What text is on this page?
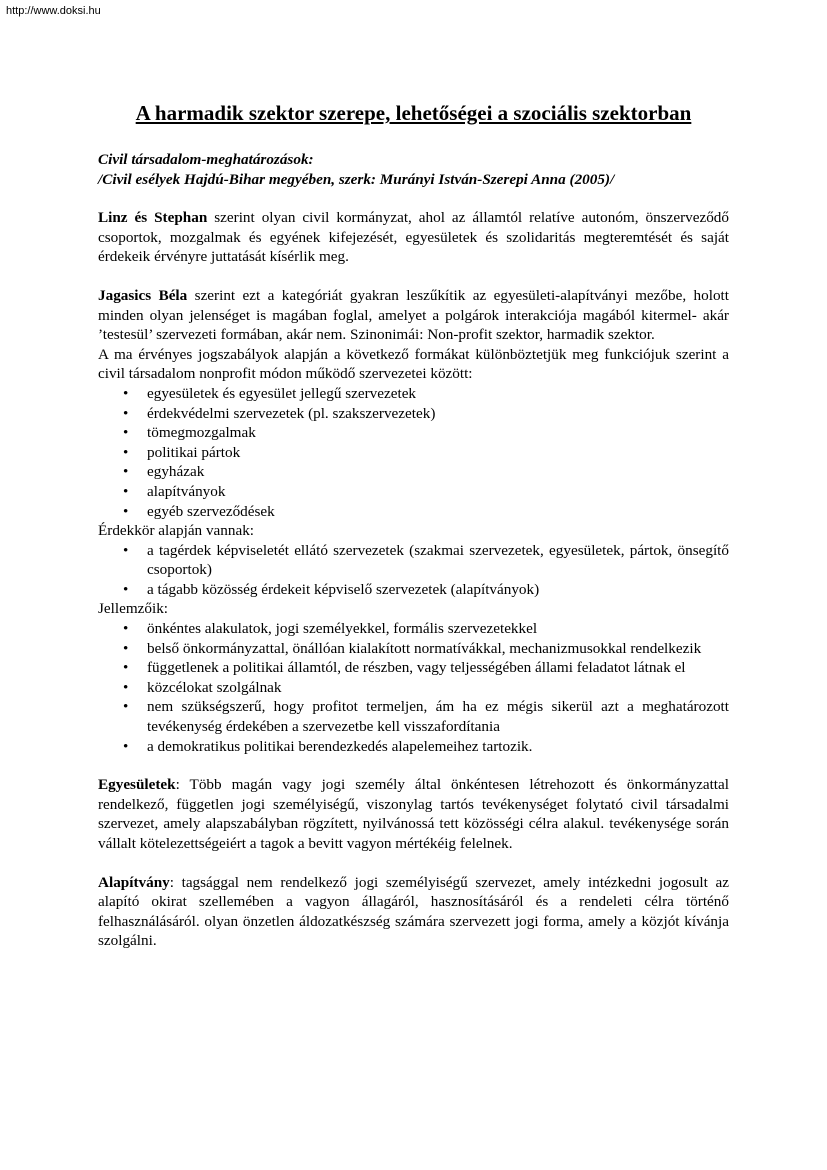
http://www.doksi.hu
A harmadik szektor szerepe, lehetőségei a szociális szektorban

Civil társadalom-meghatározások:

/Civil esélyek Hajdú-Bihar megyében, szerk: Murányi István-Szerepi Anna (2005)/

Linz és Stephan szerint olyan civil kormányzat, ahol az államtól relatíve autonóm, önszerveződő csoportok, mozgalmak és egyének kifejezését, egyesületek és szolidaritás megteremtését és saját érdekeik érvényre juttatását kísérlik meg.

Jagasics Béla szerint ezt a kategóriát gyakran leszűkítik az egyesületi-alapítványi mezőbe, holott minden olyan jelenséget is magában foglal, amelyet a polgárok interakciója magából kitermel- akár ’testesül’ szervezeti formában, akár nem. Szinonimái: Non-profit szektor, harmadik szektor.

A ma érvényes jogszabályok alapján a következő formákat különböztetjük meg funkciójuk szerint a civil társadalom nonprofit módon működő szervezetei között:

• egyesületek és egyesület jellegű szervezetek
• érdekvédelmi szervezetek (pl. szakszervezetek)
• tömegmozgalmak
• politikai pártok
• egyházak
• alapítványok
• egyéb szerveződések

Érdekkör alapján vannak:

• a tagérdek képviseletét ellátó szervezetek (szakmai szervezetek, egyesületek, pártok, önsegítő csoportok)
• a tágabb közösség érdekeit képviselő szervezetek (alapítványok)

Jellemzőik:

• önkéntes alakulatok, jogi személyekkel, formális szervezetekkel
• belső önkormányzattal, önállóan kialakított normatívákkal, mechanizmusokkal rendelkezik
• függetlenek a politikai államtól, de részben, vagy teljességében állami feladatot látnak el
• közcélokat szolgálnak
• nem szükségszerű, hogy profitot termeljen, ám ha ez mégis sikerül azt a meghatározott tevékenység érdekében a szervezetbe kell visszafordítania
• a demokratikus politikai berendezkedés alapelemeihez tartozik.

Egyesületek: Több magán vagy jogi személy által önkéntesen létrehozott és önkormányzattal rendelkező, független jogi személyiségű, viszonylag tartós tevékenységet folytató civil társadalmi szervezet, amely alapszabályban rögzített, nyilvánossá tett közösségi célra alakul. tevékenysége során vállalt kötelezettségeiért a tagok a bevitt vagyon mértékéig felelnek.

Alapítvány: tagsággal nem rendelkező jogi személyiségű szervezet, amely intézkedni jogosult az alapító okirat szellemében a vagyon állagáról, hasznosításáról és a rendeleti célra történő felhasználásáról. olyan önzetlen áldozatkészség számára szervezett jogi forma, amely a közjót kívánja szolgálni.
